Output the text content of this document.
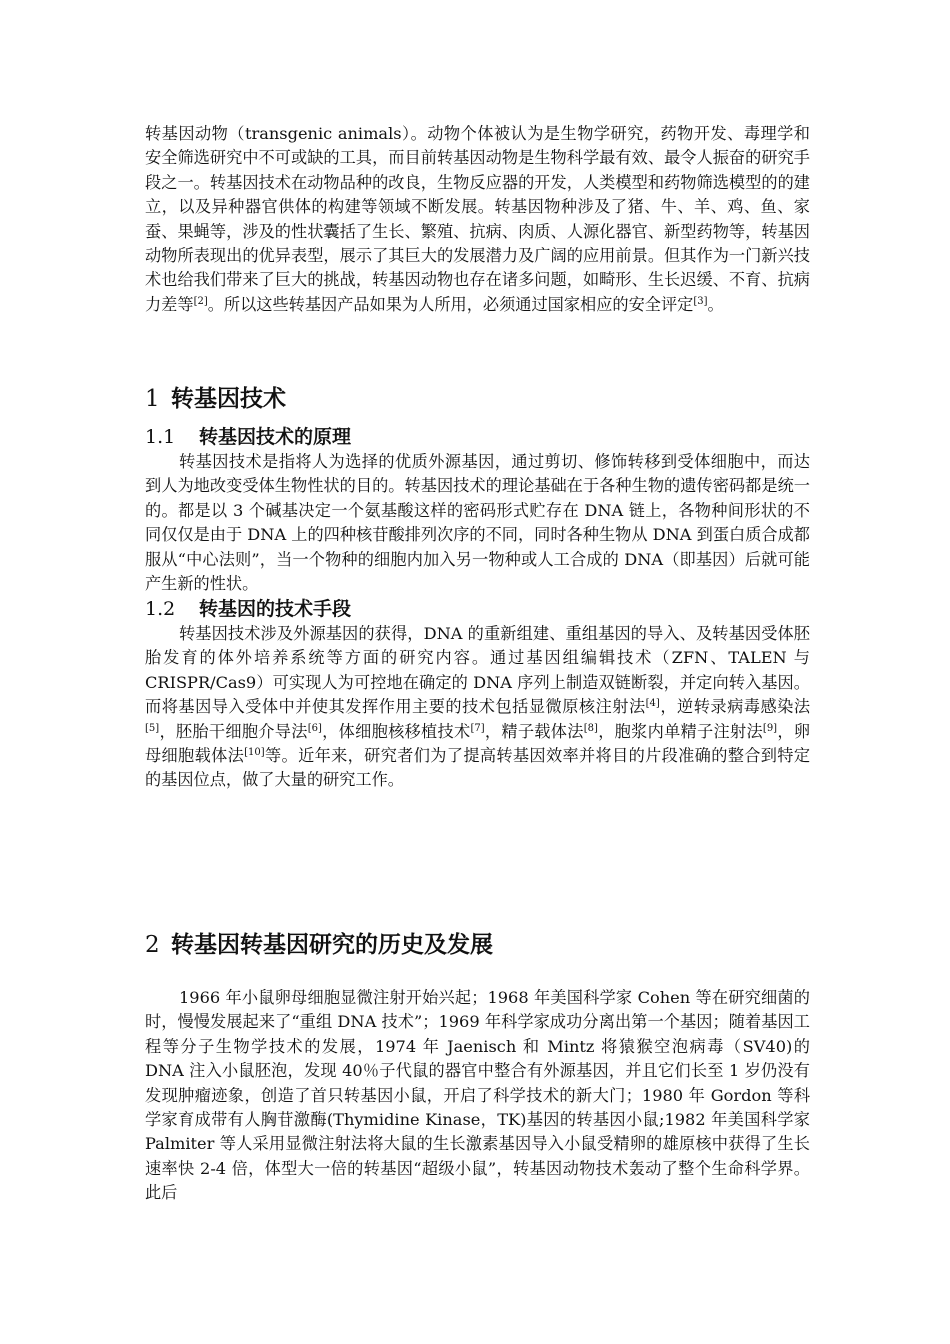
转基因动物（transgenic animals）。动物个体被认为是生物学研究，药物开发、毒理学和安全筛选研究中不可或缺的工具，而目前转基因动物是生物科学最有效、最令人振奋的研究手段之一。转基因技术在动物品种的改良，生物反应器的开发，人类模型和药物筛选模型的的建立，以及异种器官供体的构建等领域不断发展。转基因物种涉及了猪、牛、羊、鸡、鱼、家蚕、果蝇等，涉及的性状囊括了生长、繁殖、抗病、肉质、人源化器官、新型药物等，转基因动物所表现出的优异表型，展示了其巨大的发展潜力及广阔的应用前景。但其作为一门新兴技术也给我们带来了巨大的挑战，转基因动物也存在诸多问题，如畸形、生长迟缓、不育、抗病力差等[2]。所以这些转基因产品如果为人所用，必须通过国家相应的安全评定[3]。
1 转基因技术
1.1 转基因技术的原理
转基因技术是指将人为选择的优质外源基因，通过剪切、修饰转移到受体细胞中，而达到人为地改变受体生物性状的目的。转基因技术的理论基础在于各种生物的遗传密码都是统一的。都是以 3 个碱基决定一个氨基酸这样的密码形式贮存在 DNA 链上，各物种间形状的不同仅仅是由于 DNA 上的四种核苷酸排列次序的不同，同时各种生物从 DNA 到蛋白质合成都服从“中心法则”，当一个物种的细胞内加入另一物种或人工合成的 DNA（即基因）后就可能产生新的性状。
1.2 转基因的技术手段
转基因技术涉及外源基因的获得，DNA 的重新组建、重组基因的导入、及转基因受体胚胎发育的体外培养系统等方面的研究内容。通过基因组编辑技术（ZFN、TALEN 与 CRISPR/Cas9）可实现人为可控地在确定的 DNA 序列上制造双链断裂，并定向转入基因。而将基因导入受体中并使其发挥作用主要的技术包括显微原核注射法[4]，逆转录病毒感染法[5]，胚胎干细胞介导法[6]，体细胞核移植技术[7]，精子载体法[8]，胞浆内单精子注射法[9]，卵母细胞载体法[10]等。近年来，研究者们为了提高转基因效率并将目的片段准确的整合到特定的基因位点，做了大量的研究工作。
2 转基因转基因研究的历史及发展
1966 年小鼠卵母细胞显微注射开始兴起；1968 年美国科学家 Cohen 等在研究细菌的时，慢慢发展起来了“重组 DNA 技术”；1969 年科学家成功分离出第一个基因；随着基因工程等分子生物学技术的发展，1974 年 Jaenisch 和 Mintz 将猿猴空泡病毒（SV40)的 DNA 注入小鼠胚泡，发现 40％子代鼠的器官中整合有外源基因，并且它们长至 1 岁仍没有发现肿瘤迹象，创造了首只转基因小鼠，开启了科学技术的新大门；1980 年 Gordon 等科学家育成带有人胸苷激酶(Thymidine Kinase，TK)基因的转基因小鼠;1982 年美国科学家 Palmiter 等人采用显微注射法将大鼠的生长激素基因导入小鼠受精卵的雄原核中获得了生长速率快 2-4 倍，体型大一倍的转基因“超级小鼠”，转基因动物技术轰动了整个生命科学界。此后
